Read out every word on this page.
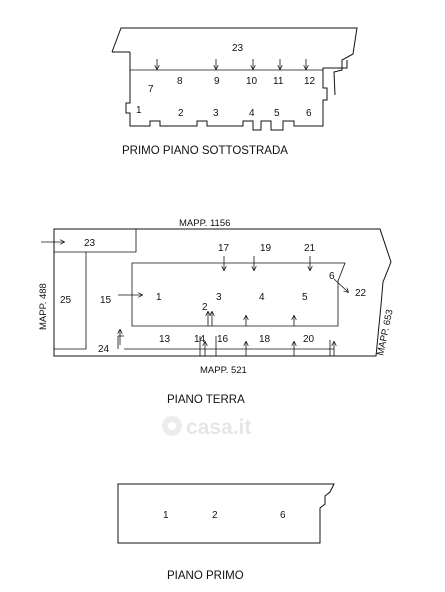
23
7
8	9	10 11 12
1	2	3	4 5	6
PRIMO PIANO SOTTOSTRADA
23	17	19	21
25	15	1	3	4	5
6
22
2
13 14 16	18	20
24
MAPP. 1156
MAPP. 521
MAPP. 488
MAPP. 653
PIANO TERRA
casa.it
1	2	6
PIANO PRIMO
